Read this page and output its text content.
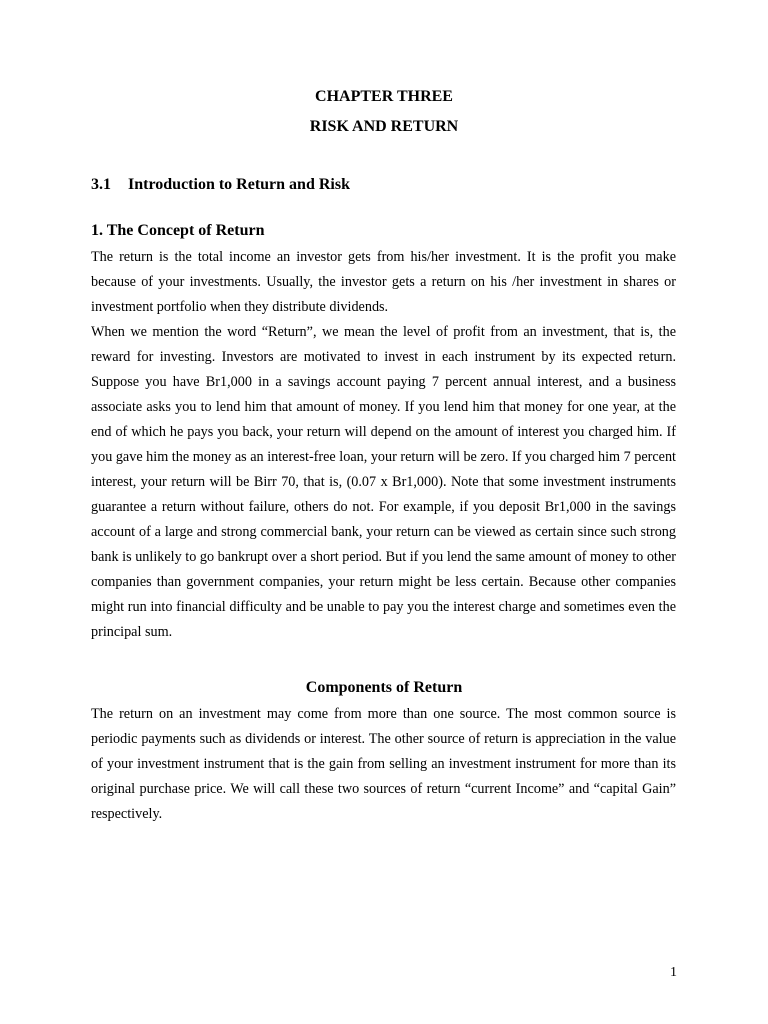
CHAPTER THREE
RISK AND RETURN
3.1 Introduction to Return and Risk
1. The Concept of Return

The return is the total income an investor gets from his/her investment. It is the profit you make because of your investments. Usually, the investor gets a return on his /her investment in shares or investment portfolio when they distribute dividends.

When we mention the word “Return”, we mean the level of profit from an investment, that is, the reward for investing. Investors are motivated to invest in each instrument by its expected return. Suppose you have Br1,000 in a savings account paying 7 percent annual interest, and a business associate asks you to lend him that amount of money. If you lend him that money for one year, at the end of which he pays you back, your return will depend on the amount of interest you charged him. If you gave him the money as an interest-free loan, your return will be zero. If you charged him 7 percent interest, your return will be Birr 70, that is, (0.07 x Br1,000). Note that some investment instruments guarantee a return without failure, others do not. For example, if you deposit Br1,000 in the savings account of a large and strong commercial bank, your return can be viewed as certain since such strong bank is unlikely to go bankrupt over a short period. But if you lend the same amount of money to other companies than government companies, your return might be less certain. Because other companies might run into financial difficulty and be unable to pay you the interest charge and sometimes even the principal sum.

Components of Return

The return on an investment may come from more than one source. The most common source is periodic payments such as dividends or interest. The other source of return is appreciation in the value of your investment instrument that is the gain from selling an investment instrument for more than its original purchase price. We will call these two sources of return “current Income” and “capital Gain” respectively.

1
